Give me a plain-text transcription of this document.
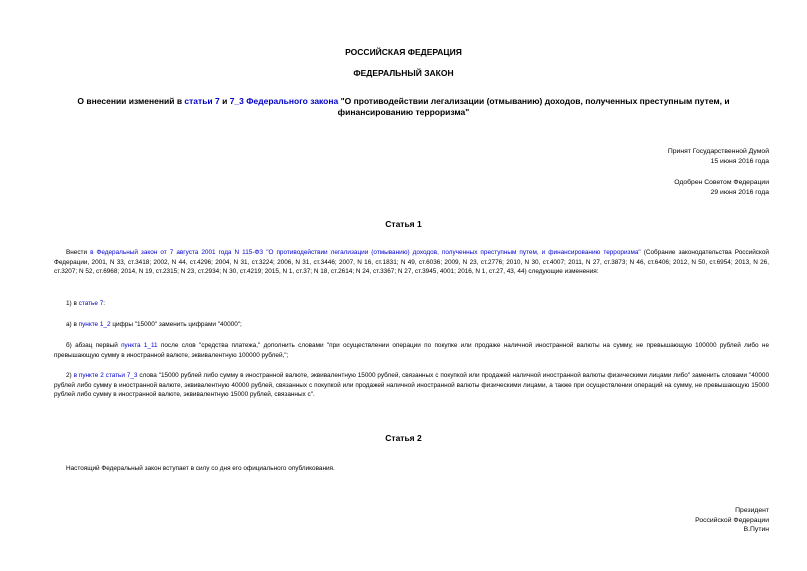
РОССИЙСКАЯ ФЕДЕРАЦИЯ
ФЕДЕРАЛЬНЫЙ ЗАКОН
О внесении изменений в статьи 7 и 7_3 Федерального закона "О противодействии легализации (отмыванию) доходов, полученных преступным путем, и финансированию терроризма"
Принят Государственной Думой
15 июня 2016 года
Одобрен Советом Федерации
29 июня 2016 года
Статья 1
Внести в Федеральный закон от 7 августа 2001 года N 115-ФЗ "О противодействии легализации (отмыванию) доходов, полученных преступным путем, и финансированию терроризма" (Собрание законодательства Российской Федерации, 2001, N 33, ст.3418; 2002, N 44, ст.4296; 2004, N 31, ст.3224; 2006, N 31, ст.3446; 2007, N 16, ст.1831; N 49, ст.6036; 2009, N 23, ст.2776; 2010, N 30, ст.4007; 2011, N 27, ст.3873; N 46, ст.6406; 2012, N 50, ст.6954; 2013, N 26, ст.3207; N 52, ст.6968; 2014, N 19, ст.2315; N 23, ст.2934; N 30, ст.4219; 2015, N 1, ст.37; N 18, ст.2614; N 24, ст.3367; N 27, ст.3945, 4001; 2016, N 1, ст.27, 43, 44) следующие изменения:
1) в статье 7:
а) в пункте 1_2 цифры "15000" заменить цифрами "40000";
б) абзац первый пункта 1_11 после слов "средства платежа," дополнить словами "при осуществлении операции по покупке или продаже наличной иностранной валюты на сумму, не превышающую 100000 рублей либо не превышающую сумму в иностранной валюте, эквивалентную 100000 рублей,";
2) в пункте 2 статьи 7_3 слова "15000 рублей либо сумму в иностранной валюте, эквивалентную 15000 рублей, связанных с покупкой или продажей наличной иностранной валюты физическими лицами либо" заменить словами "40000 рублей либо сумму в иностранной валюте, эквивалентную 40000 рублей, связанных с покупкой или продажей наличной иностранной валюты физическими лицами, а также при осуществлении операций на сумму, не превышающую 15000 рублей либо сумму в иностранной валюте, эквивалентную 15000 рублей, связанных с".
Статья 2
Настоящий Федеральный закон вступает в силу со дня его официального опубликования.
Президент
Российской Федерации
В.Путин
